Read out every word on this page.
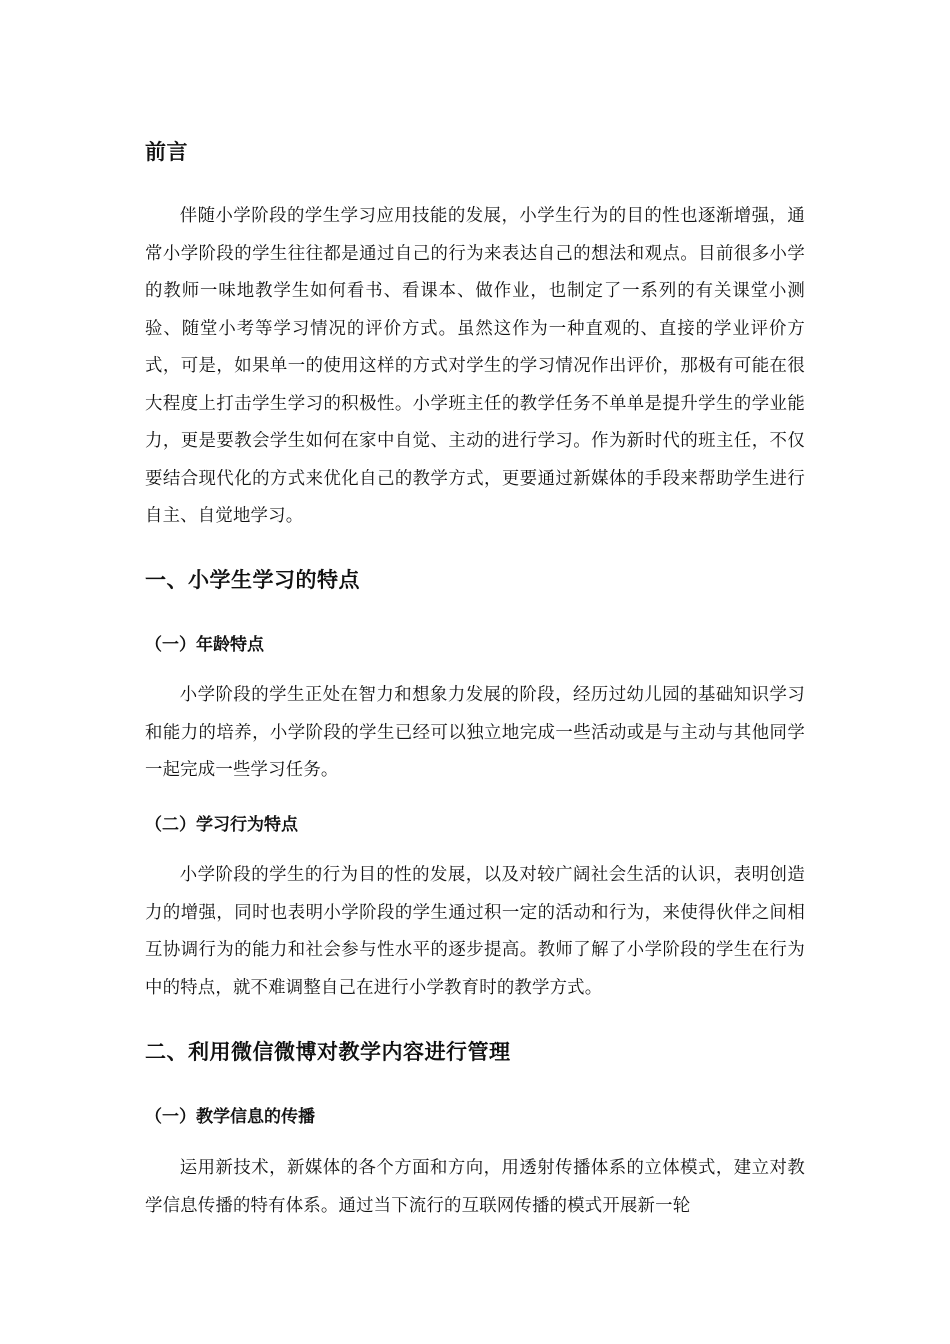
前言

伴随小学阶段的学生学习应用技能的发展，小学生行为的目的性也逐渐增强，通常小学阶段的学生往往都是通过自己的行为来表达自己的想法和观点。目前很多小学的教师一味地教学生如何看书、看课本、做作业，也制定了一系列的有关课堂小测验、随堂小考等学习情况的评价方式。虽然这作为一种直观的、直接的学业评价方式，可是，如果单一的使用这样的方式对学生的学习情况作出评价，那极有可能在很大程度上打击学生学习的积极性。小学班主任的教学任务不单单是提升学生的学业能力，更是要教会学生如何在家中自觉、主动的进行学习。作为新时代的班主任，不仅要结合现代化的方式来优化自己的教学方式，更要通过新媒体的手段来帮助学生进行自主、自觉地学习。

一、小学生学习的特点
（一）年龄特点

小学阶段的学生正处在智力和想象力发展的阶段，经历过幼儿园的基础知识学习和能力的培养，小学阶段的学生已经可以独立地完成一些活动或是与主动与其他同学一起完成一些学习任务。

（二）学习行为特点

小学阶段的学生的行为目的性的发展，以及对较广阔社会生活的认识，表明创造力的增强，同时也表明小学阶段的学生通过积一定的活动和行为，来使得伙伴之间相互协调行为的能力和社会参与性水平的逐步提高。教师了解了小学阶段的学生在行为中的特点，就不难调整自己在进行小学教育时的教学方式。

二、利用微信微博对教学内容进行管理
（一）教学信息的传播

运用新技术，新媒体的各个方面和方向，用透射传播体系的立体模式，建立对教学信息传播的特有体系。通过当下流行的互联网传播的模式开展新一轮
